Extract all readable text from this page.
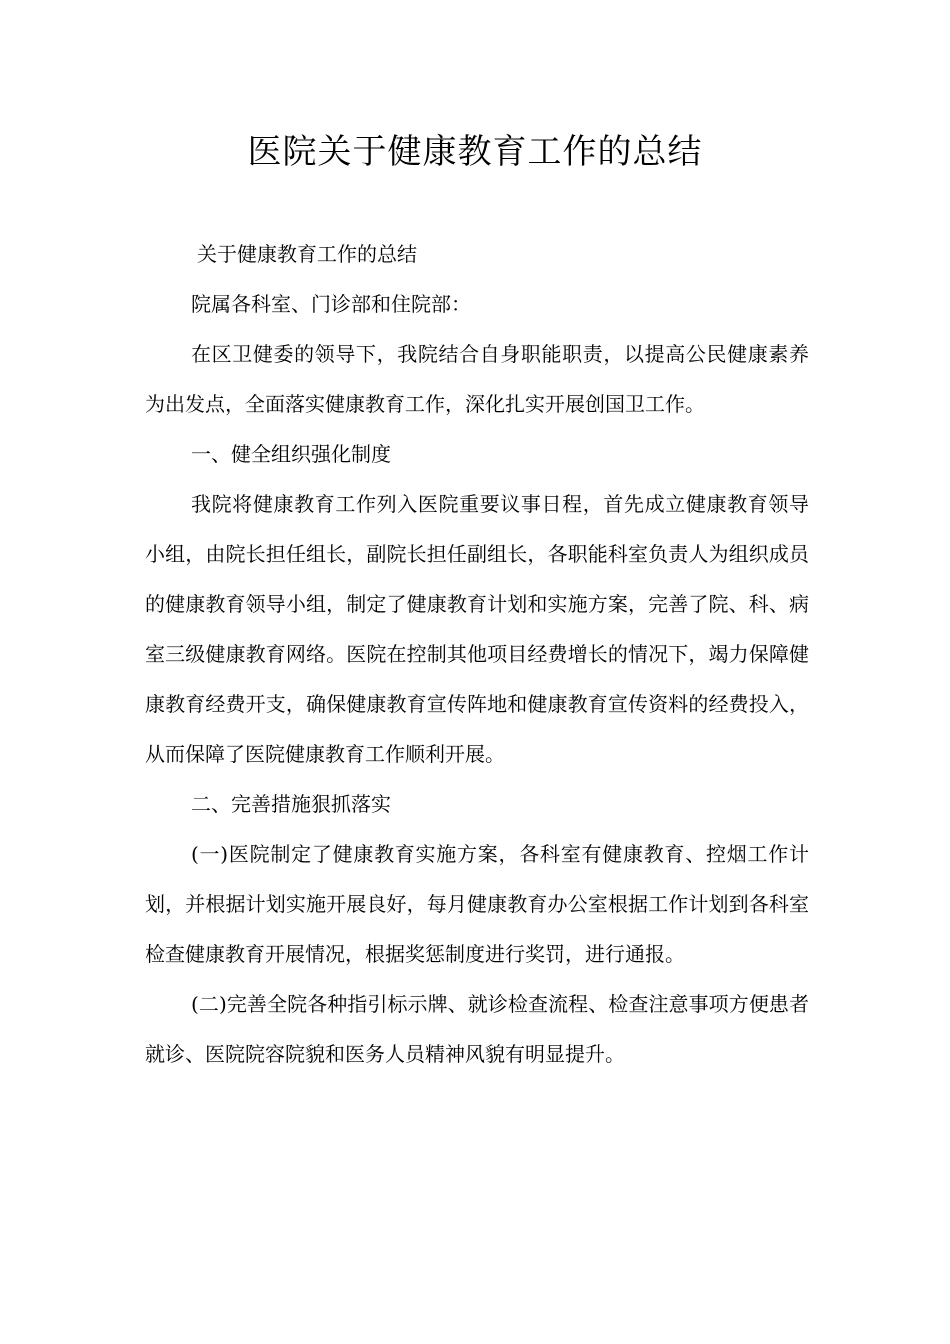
医院关于健康教育工作的总结

关于健康教育工作的总结

院属各科室、门诊部和住院部：

在区卫健委的领导下，我院结合自身职能职责，以提高公民健康素养为出发点，全面落实健康教育工作，深化扎实开展创国卫工作。

一、健全组织强化制度

我院将健康教育工作列入医院重要议事日程，首先成立健康教育领导小组，由院长担任组长，副院长担任副组长，各职能科室负责人为组织成员的健康教育领导小组，制定了健康教育计划和实施方案，完善了院、科、病室三级健康教育网络。医院在控制其他项目经费增长的情况下，竭力保障健康教育经费开支，确保健康教育宣传阵地和健康教育宣传资料的经费投入，从而保障了医院健康教育工作顺利开展。

二、完善措施狠抓落实

(一)医院制定了健康教育实施方案，各科室有健康教育、控烟工作计划，并根据计划实施开展良好，每月健康教育办公室根据工作计划到各科室检查健康教育开展情况，根据奖惩制度进行奖罚，进行通报。

(二)完善全院各种指引标示牌、就诊检查流程、检查注意事项方便患者就诊、医院院容院貌和医务人员精神风貌有明显提升。
